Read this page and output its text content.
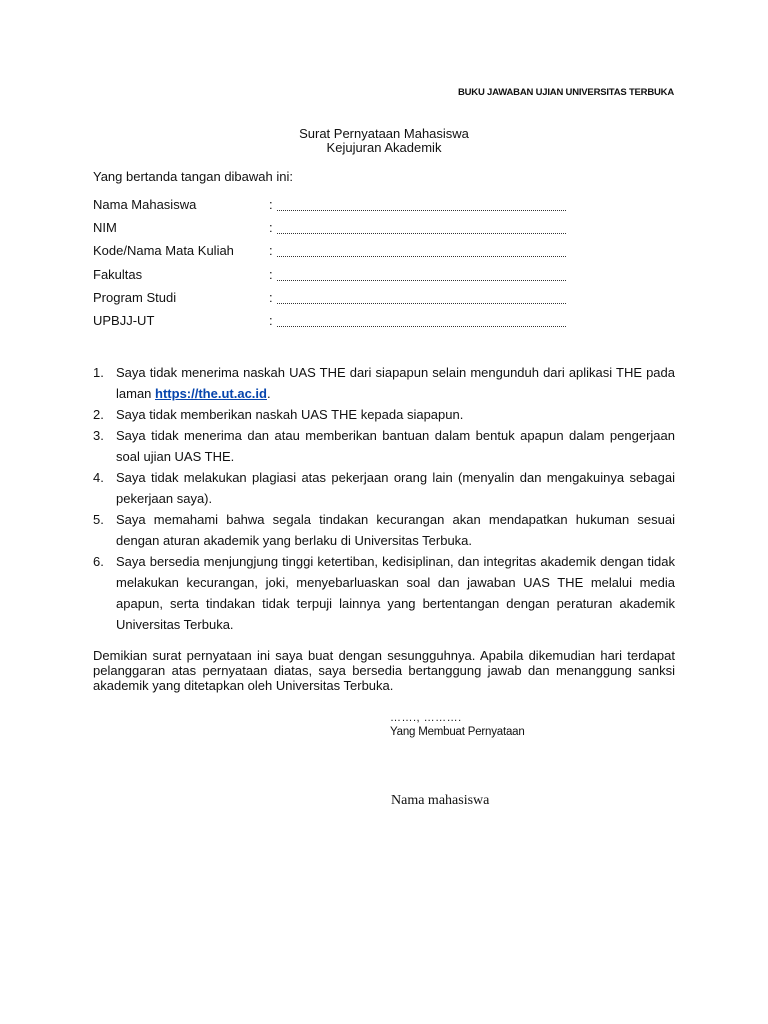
BUKU JAWABAN UJIAN UNIVERSITAS TERBUKA
Surat Pernyataan Mahasiswa
Kejujuran Akademik
Yang bertanda tangan dibawah ini:
Nama Mahasiswa	:
NIM	:
Kode/Nama Mata Kuliah	:
Fakultas	:
Program Studi	:
UPBJJ-UT	:
1. Saya tidak menerima naskah UAS THE dari siapapun selain mengunduh dari aplikasi THE pada laman https://the.ut.ac.id.
2. Saya tidak memberikan naskah UAS THE kepada siapapun.
3. Saya tidak menerima dan atau memberikan bantuan dalam bentuk apapun dalam pengerjaan soal ujian UAS THE.
4. Saya tidak melakukan plagiasi atas pekerjaan orang lain (menyalin dan mengakuinya sebagai pekerjaan saya).
5. Saya memahami bahwa segala tindakan kecurangan akan mendapatkan hukuman sesuai dengan aturan akademik yang berlaku di Universitas Terbuka.
6. Saya bersedia menjungjung tinggi ketertiban, kedisiplinan, dan integritas akademik dengan tidak melakukan kecurangan, joki, menyebarluaskan soal dan jawaban UAS THE melalui media apapun, serta tindakan tidak terpuji lainnya yang bertentangan dengan peraturan akademik Universitas Terbuka.
Demikian surat pernyataan ini saya buat dengan sesungguhnya. Apabila dikemudian hari terdapat pelanggaran atas pernyataan diatas, saya bersedia bertanggung jawab dan menanggung sanksi akademik yang ditetapkan oleh Universitas Terbuka.
……., ……….
Yang Membuat Pernyataan
Nama mahasiswa
